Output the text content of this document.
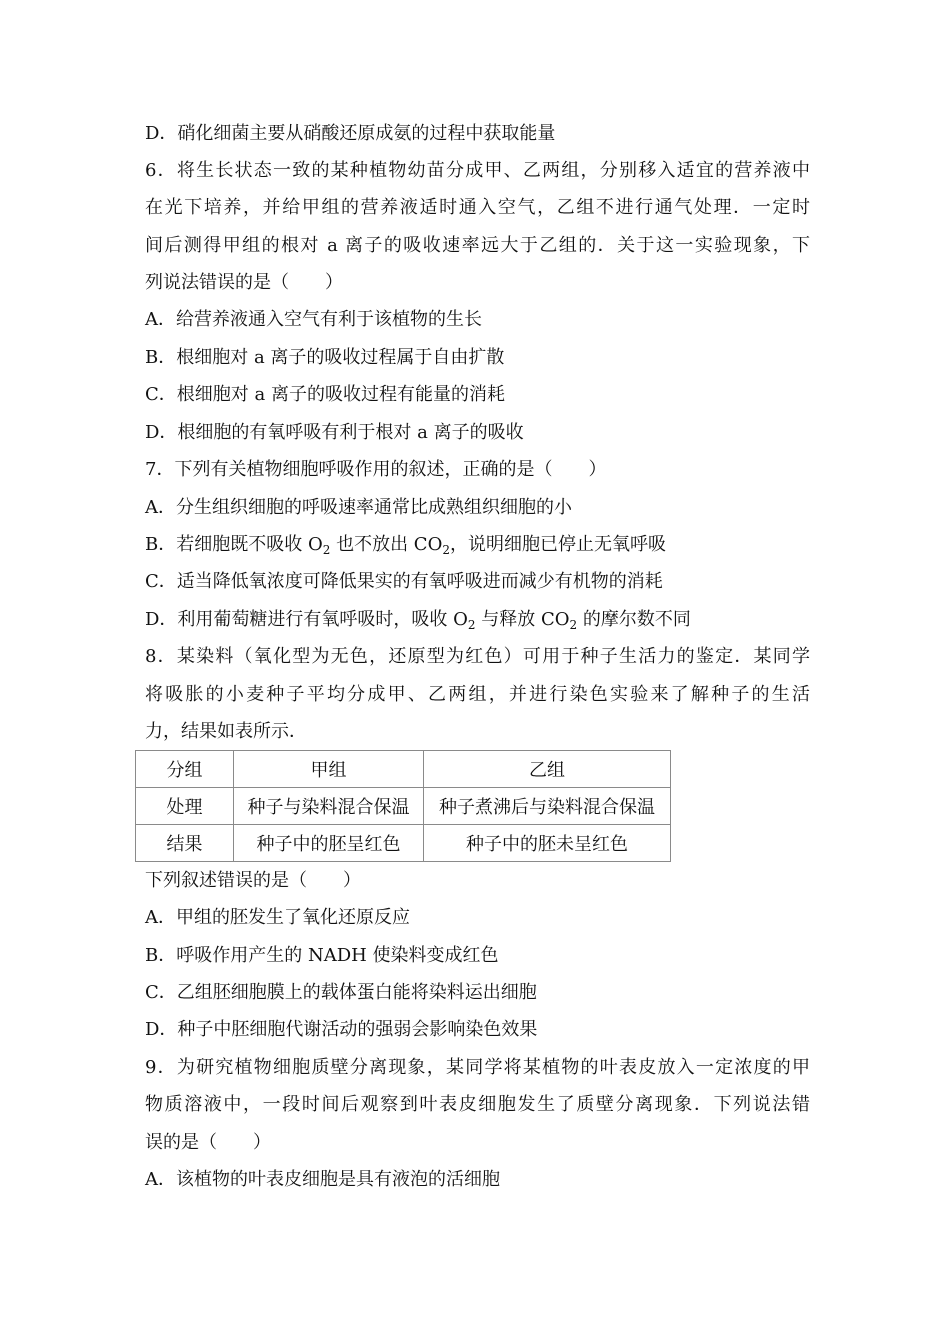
D．硝化细菌主要从硝酸还原成氨的过程中获取能量
6．将生长状态一致的某种植物幼苗分成甲、乙两组，分别移入适宜的营养液中
在光下培养，并给甲组的营养液适时通入空气，乙组不进行通气处理．一定时
间后测得甲组的根对 a 离子的吸收速率远大于乙组的．关于这一实验现象，下
列说法错误的是（　　）
A．给营养液通入空气有利于该植物的生长
B．根细胞对 a 离子的吸收过程属于自由扩散
C．根细胞对 a 离子的吸收过程有能量的消耗
D．根细胞的有氧呼吸有利于根对 a 离子的吸收
7．下列有关植物细胞呼吸作用的叙述，正确的是（　　）
A．分生组织细胞的呼吸速率通常比成熟组织细胞的小
B．若细胞既不吸收 $O_2$ 也不放出 $CO_2$，说明细胞已停止无氧呼吸
C．适当降低氧浓度可降低果实的有氧呼吸进而减少有机物的消耗
D．利用葡萄糖进行有氧呼吸时，吸收 $O_2$ 与释放 $CO_2$ 的摩尔数不同
8．某染料（氧化型为无色，还原型为红色）可用于种子生活力的鉴定．某同学
将吸胀的小麦种子平均分成甲、乙两组，并进行染色实验来了解种子的生活
力，结果如表所示．
分组	甲组	乙组
处理	种子与染料混合保温	种子煮沸后与染料混合保温
结果	种子中的胚呈红色	种子中的胚未呈红色
下列叙述错误的是（　　）
A．甲组的胚发生了氧化还原反应
B．呼吸作用产生的 NADH 使染料变成红色
C．乙组胚细胞膜上的载体蛋白能将染料运出细胞
D．种子中胚细胞代谢活动的强弱会影响染色效果
9．为研究植物细胞质壁分离现象，某同学将某植物的叶表皮放入一定浓度的甲
物质溶液中，一段时间后观察到叶表皮细胞发生了质壁分离现象．下列说法错
误的是（　　）
A．该植物的叶表皮细胞是具有液泡的活细胞
